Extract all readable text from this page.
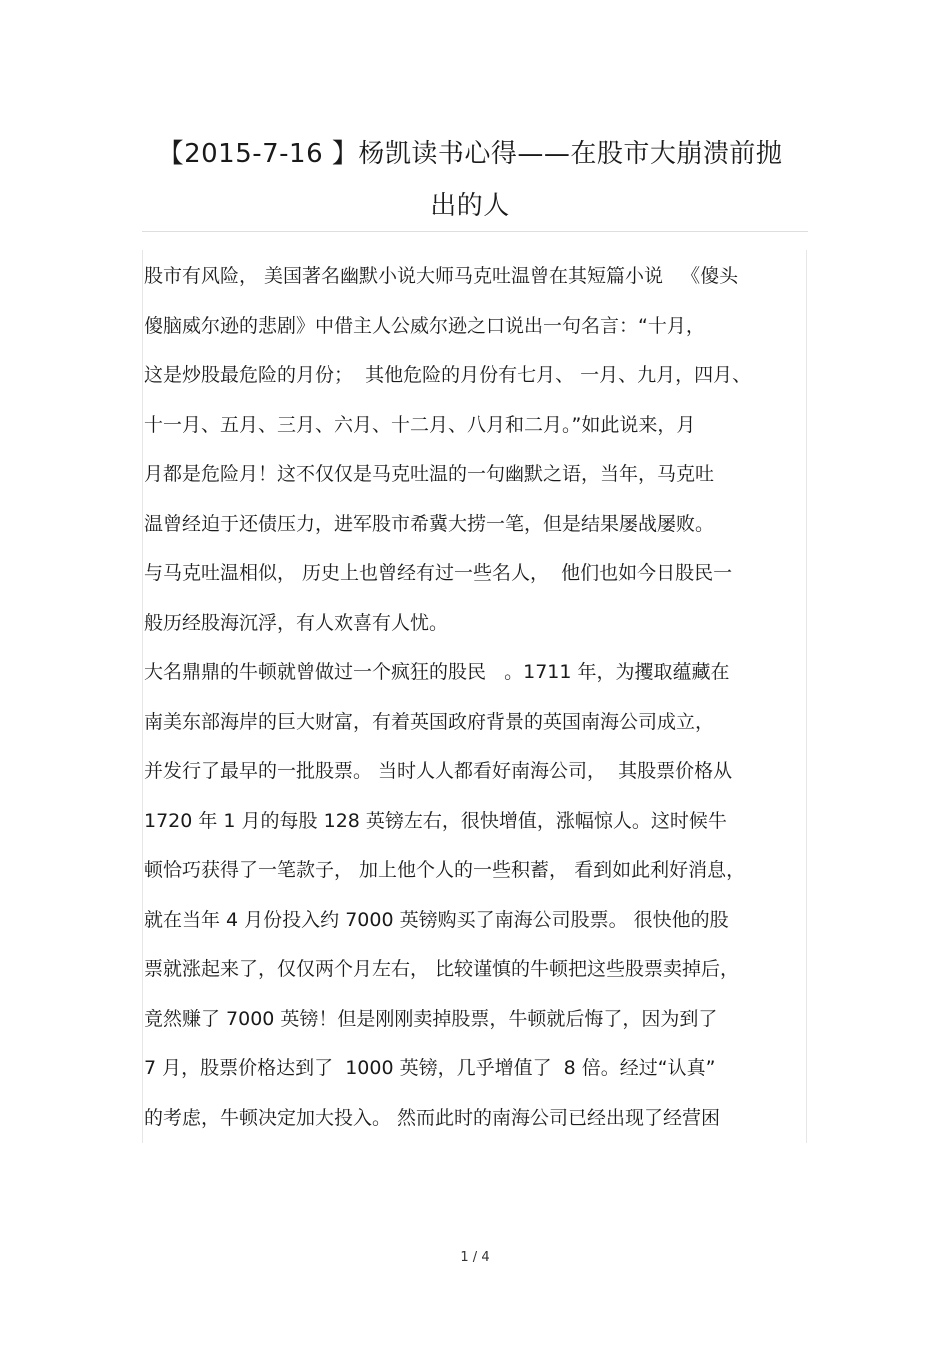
【2015-7-16 】杨凯读书心得——在股市大崩溃前抛
出的人
股市有风险， 美国著名幽默小说大师马克吐温曾在其短篇小说   《傻头
傻脑威尔逊的悲剧》中借主人公威尔逊之口说出一句名言：“十月，
这是炒股最危险的月份；  其他危险的月份有七月、 一月、九月，四月、
十一月、五月、三月、六月、十二月、八月和二月。”如此说来，月
月都是危险月！这不仅仅是马克吐温的一句幽默之语，当年，马克吐
温曾经迫于还债压力，进军股市希冀大捞一笔，但是结果屡战屡败。
与马克吐温相似， 历史上也曾经有过一些名人，  他们也如今日股民一
般历经股海沉浮，有人欢喜有人忧。
大名鼎鼎的牛顿就曾做过一个疯狂的股民   。1711 年，为攫取蕴藏在
南美东部海岸的巨大财富，有着英国政府背景的英国南海公司成立，
并发行了最早的一批股票。 当时人人都看好南海公司，  其股票价格从
1720 年 1 月的每股 128 英镑左右，很快增值，涨幅惊人。这时候牛
顿恰巧获得了一笔款子， 加上他个人的一些积蓄， 看到如此利好消息，
就在当年 4 月份投入约 7000 英镑购买了南海公司股票。 很快他的股
票就涨起来了，仅仅两个月左右， 比较谨慎的牛顿把这些股票卖掉后，
竟然赚了 7000 英镑！但是刚刚卖掉股票，牛顿就后悔了，因为到了
7 月，股票价格达到了  1000 英镑，几乎增值了  8 倍。经过“认真”
的考虑，牛顿决定加大投入。 然而此时的南海公司已经出现了经营困
1 / 4
